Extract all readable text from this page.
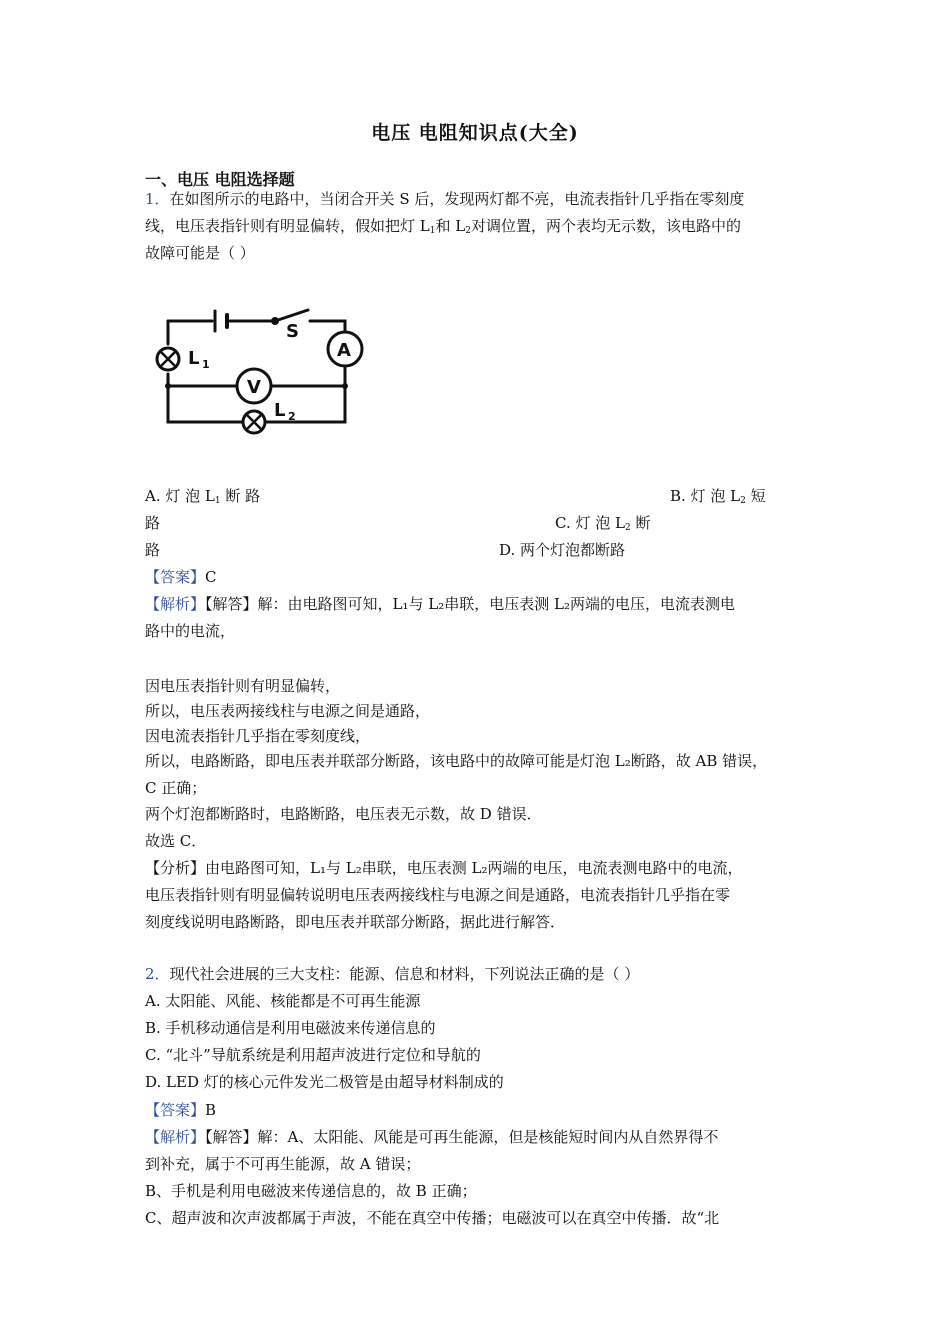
电压 电阻知识点(大全)
一、电压 电阻选择题
1．在如图所示的电路中，当闭合开关 S 后，发现两灯都不亮，电流表指针几乎指在零刻度
线，电压表指针则有明显偏转，假如把灯 $L_1$和 $L_2$对调位置，两个表均无示数，该电路中的
故障可能是（ ）
S
A
V
L 1
L 2
A. 灯 泡 $L_1$ 断 路	B. 灯 泡 $L_2$ 短
路	C. 灯 泡 $L_2$ 断
路	D. 两个灯泡都断路
【答案】C
【解析】【解答】解：由电路图可知，L₁与 L₂串联，电压表测 L₂两端的电压，电流表测电
路中的电流，
因电压表指针则有明显偏转，
所以，电压表两接线柱与电源之间是通路，
因电流表指针几乎指在零刻度线，
所以，电路断路，即电压表并联部分断路，该电路中的故障可能是灯泡 L₂断路，故 AB 错误，
C 正确；
两个灯泡都断路时，电路断路，电压表无示数，故 D 错误．
故选 C．
【分析】由电路图可知，L₁与 L₂串联，电压表测 L₂两端的电压，电流表测电路中的电流，
电压表指针则有明显偏转说明电压表两接线柱与电源之间是通路，电流表指针几乎指在零
刻度线说明电路断路，即电压表并联部分断路，据此进行解答．
2．现代社会进展的三大支柱：能源、信息和材料，下列说法正确的是（ ）
A. 太阳能、风能、核能都是不可再生能源
B. 手机移动通信是利用电磁波来传递信息的
C. “北斗”导航系统是利用超声波进行定位和导航的
D. LED 灯的核心元件发光二极管是由超导材料制成的
【答案】B
【解析】【解答】解：A、太阳能、风能是可再生能源，但是核能短时间内从自然界得不
到补充，属于不可再生能源，故 A 错误；
B、手机是利用电磁波来传递信息的，故 B 正确；
C、超声波和次声波都属于声波，不能在真空中传播；电磁波可以在真空中传播．故“北
